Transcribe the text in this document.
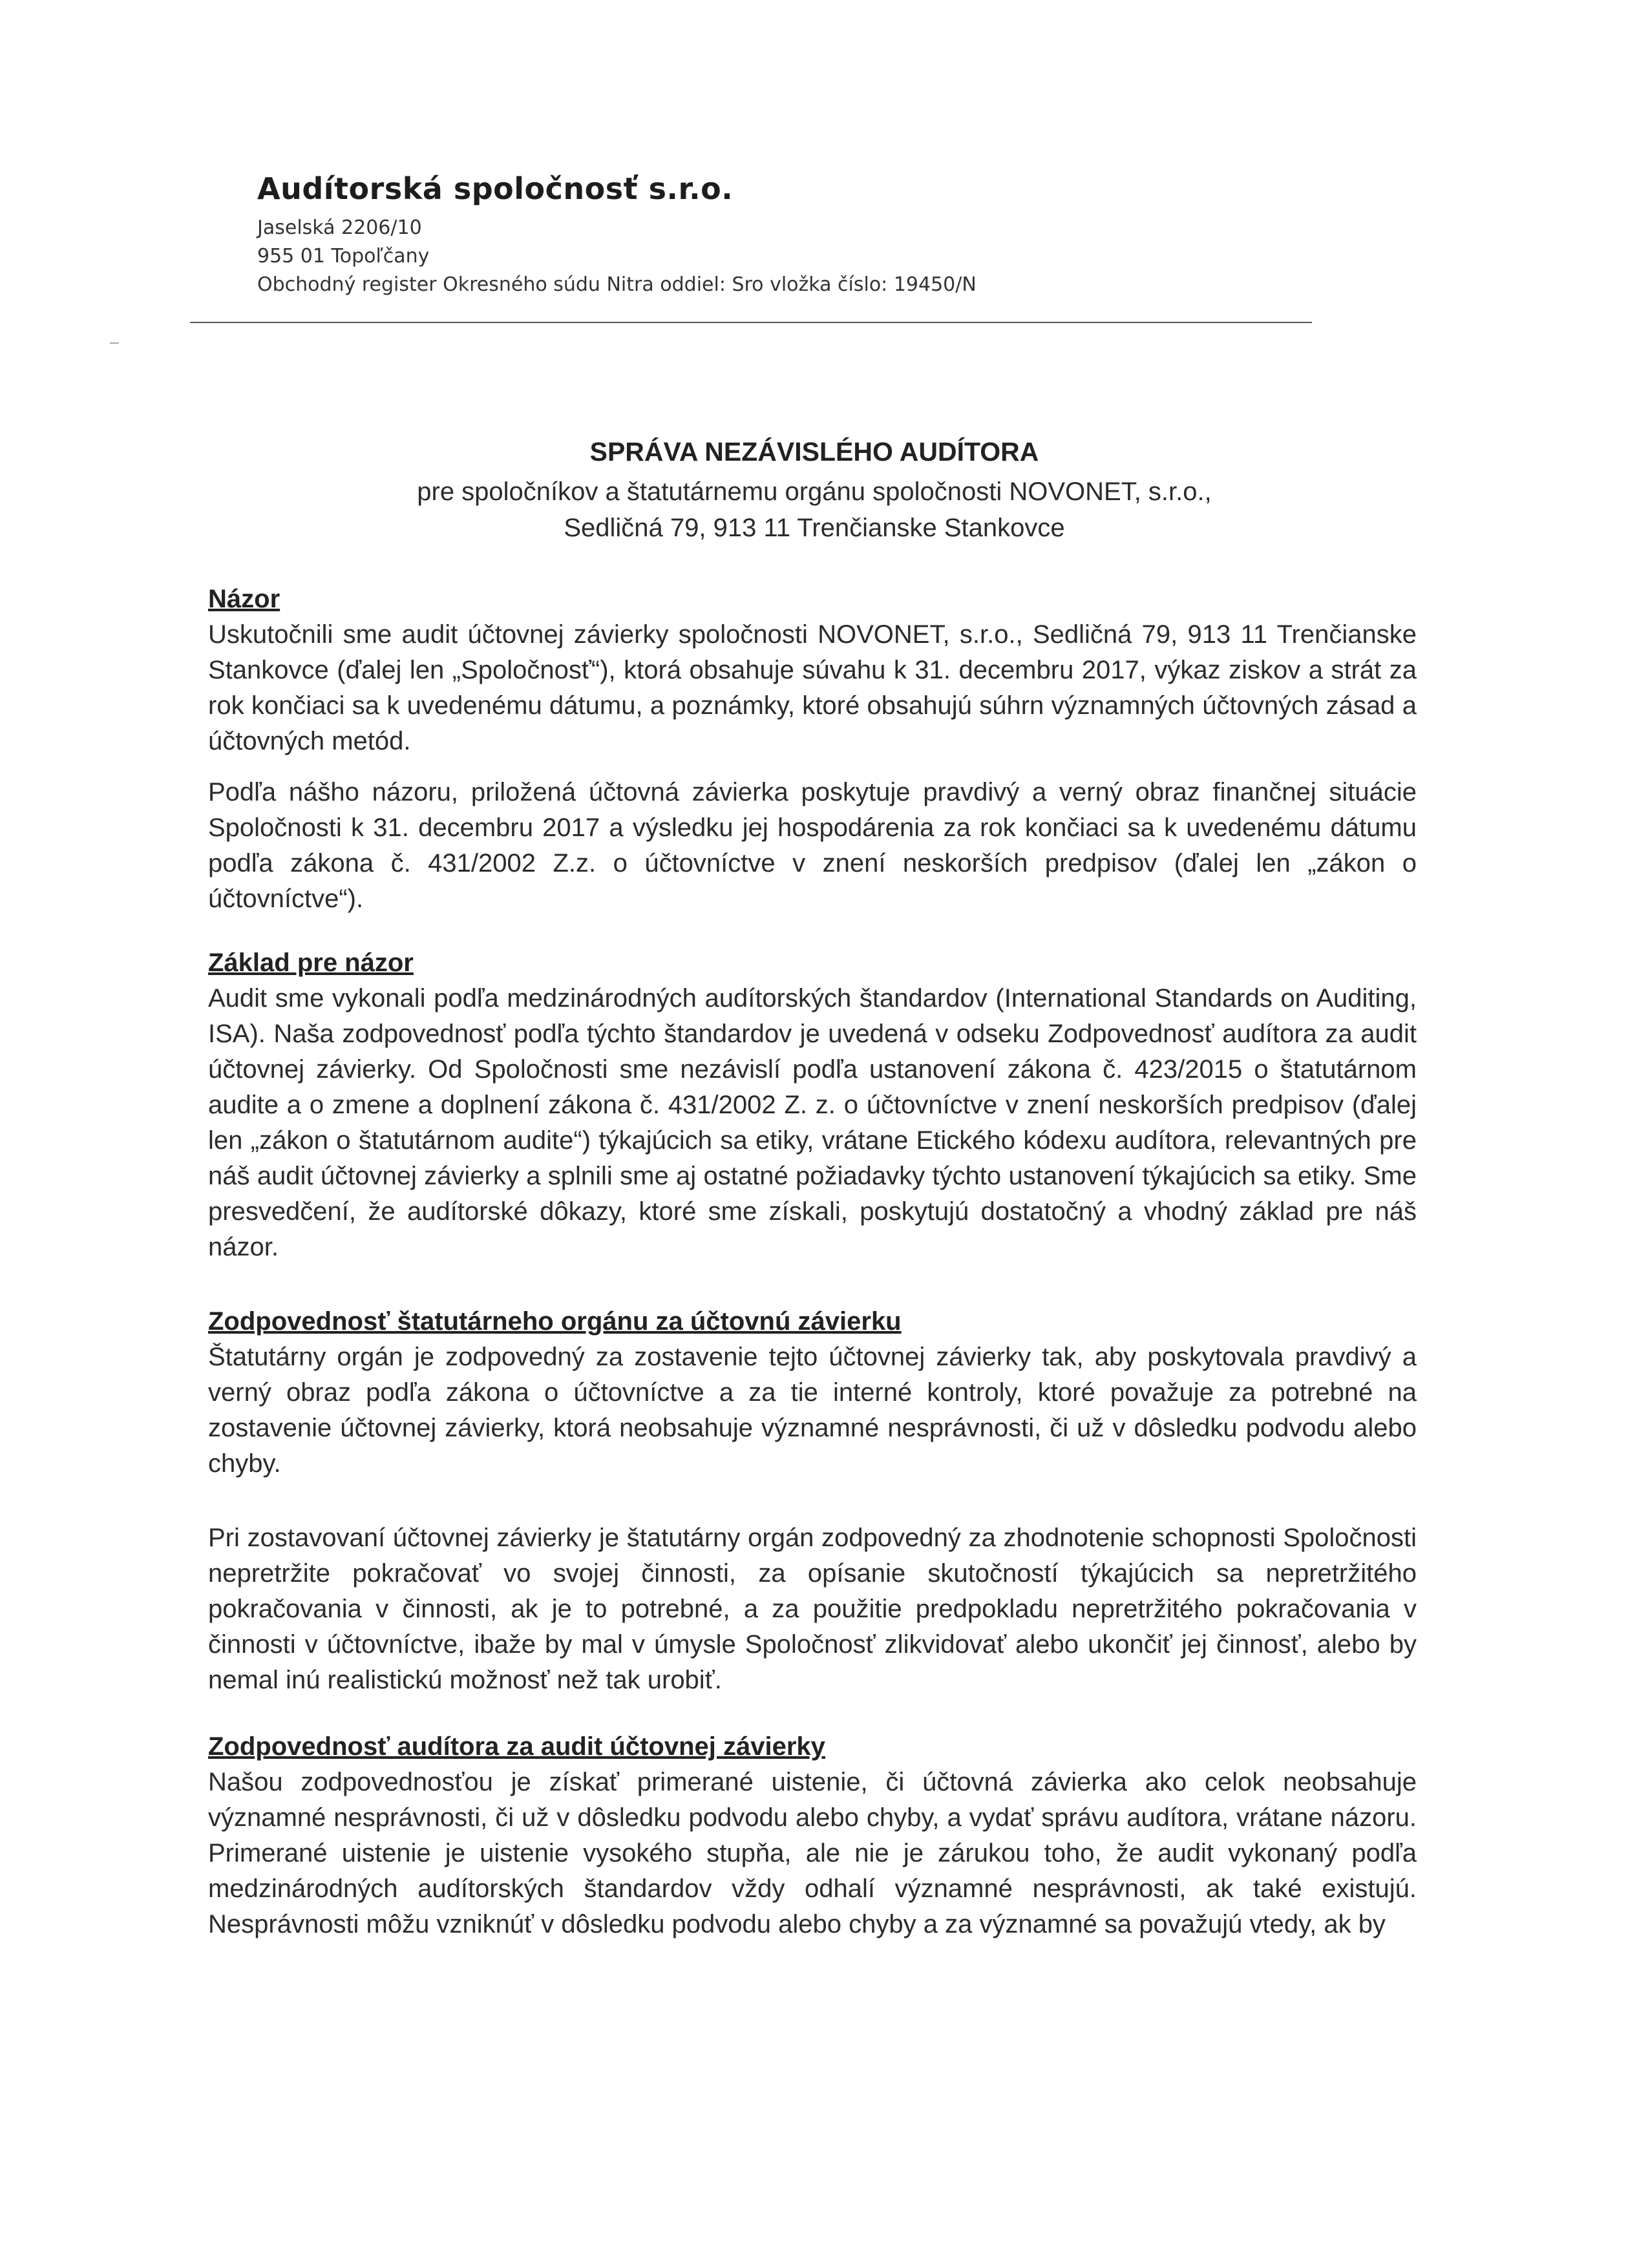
Audítorská spoločnosť s.r.o.
Jaselská 2206/10
955 01 Topoľčany
Obchodný register Okresného súdu Nitra oddiel: Sro vložka číslo: 19450/N
SPRÁVA NEZÁVISLÉHO AUDÍTORA
pre spoločníkov a štatutárnemu orgánu spoločnosti NOVONET, s.r.o.,
Sedličná 79, 913 11 Trenčianske Stankovce
Názor

Uskutočnili sme audit účtovnej závierky spoločnosti NOVONET, s.r.o., Sedličná 79, 913 11 Trenčianske Stankovce (ďalej len „Spoločnosť“), ktorá obsahuje súvahu k 31. decembru 2017, výkaz ziskov a strát za rok končiaci sa k uvedenému dátumu, a poznámky, ktoré obsahujú súhrn významných účtovných zásad a účtovných metód.

Podľa nášho názoru, priložená účtovná závierka poskytuje pravdivý a verný obraz finančnej situácie Spoločnosti k 31. decembru 2017 a výsledku jej hospodárenia za rok končiaci sa k uvedenému dátumu podľa zákona č. 431/2002 Z.z. o účtovníctve v znení neskorších predpisov (ďalej len „zákon o účtovníctve“).

Základ pre názor

Audit sme vykonali podľa medzinárodných audítorských štandardov (International Standards on Auditing, ISA). Naša zodpovednosť podľa týchto štandardov je uvedená v odseku Zodpovednosť audítora za audit účtovnej závierky. Od Spoločnosti sme nezávislí podľa ustanovení zákona č. 423/2015 o štatutárnom audite a o zmene a doplnení zákona č. 431/2002 Z. z. o účtovníctve v znení neskorších predpisov (ďalej len „zákon o štatutárnom audite“) týkajúcich sa etiky, vrátane Etického kódexu audítora, relevantných pre náš audit účtovnej závierky a splnili sme aj ostatné požiadavky týchto ustanovení týkajúcich sa etiky. Sme presvedčení, že audítorské dôkazy, ktoré sme získali, poskytujú dostatočný a vhodný základ pre náš názor.

Zodpovednosť štatutárneho orgánu za účtovnú závierku

Štatutárny orgán je zodpovedný za zostavenie tejto účtovnej závierky tak, aby poskytovala pravdivý a verný obraz podľa zákona o účtovníctve a za tie interné kontroly, ktoré považuje za potrebné na zostavenie účtovnej závierky, ktorá neobsahuje významné nesprávnosti, či už v dôsledku podvodu alebo chyby.

Pri zostavovaní účtovnej závierky je štatutárny orgán zodpovedný za zhodnotenie schopnosti Spoločnosti nepretržite pokračovať vo svojej činnosti, za opísanie skutočností týkajúcich sa nepretržitého pokračovania v činnosti, ak je to potrebné, a za použitie predpokladu nepretržitého pokračovania v činnosti v účtovníctve, ibaže by mal v úmysle Spoločnosť zlikvidovať alebo ukončiť jej činnosť, alebo by nemal inú realistickú možnosť než tak urobiť.

Zodpovednosť audítora za audit účtovnej závierky

Našou zodpovednosťou je získať primerané uistenie, či účtovná závierka ako celok neobsahuje významné nesprávnosti, či už v dôsledku podvodu alebo chyby, a vydať správu audítora, vrátane názoru. Primerané uistenie je uistenie vysokého stupňa, ale nie je zárukou toho, že audit vykonaný podľa medzinárodných audítorských štandardov vždy odhalí významné nesprávnosti, ak také existujú. Nesprávnosti môžu vzniknúť v dôsledku podvodu alebo chyby a za významné sa považujú vtedy, ak by
